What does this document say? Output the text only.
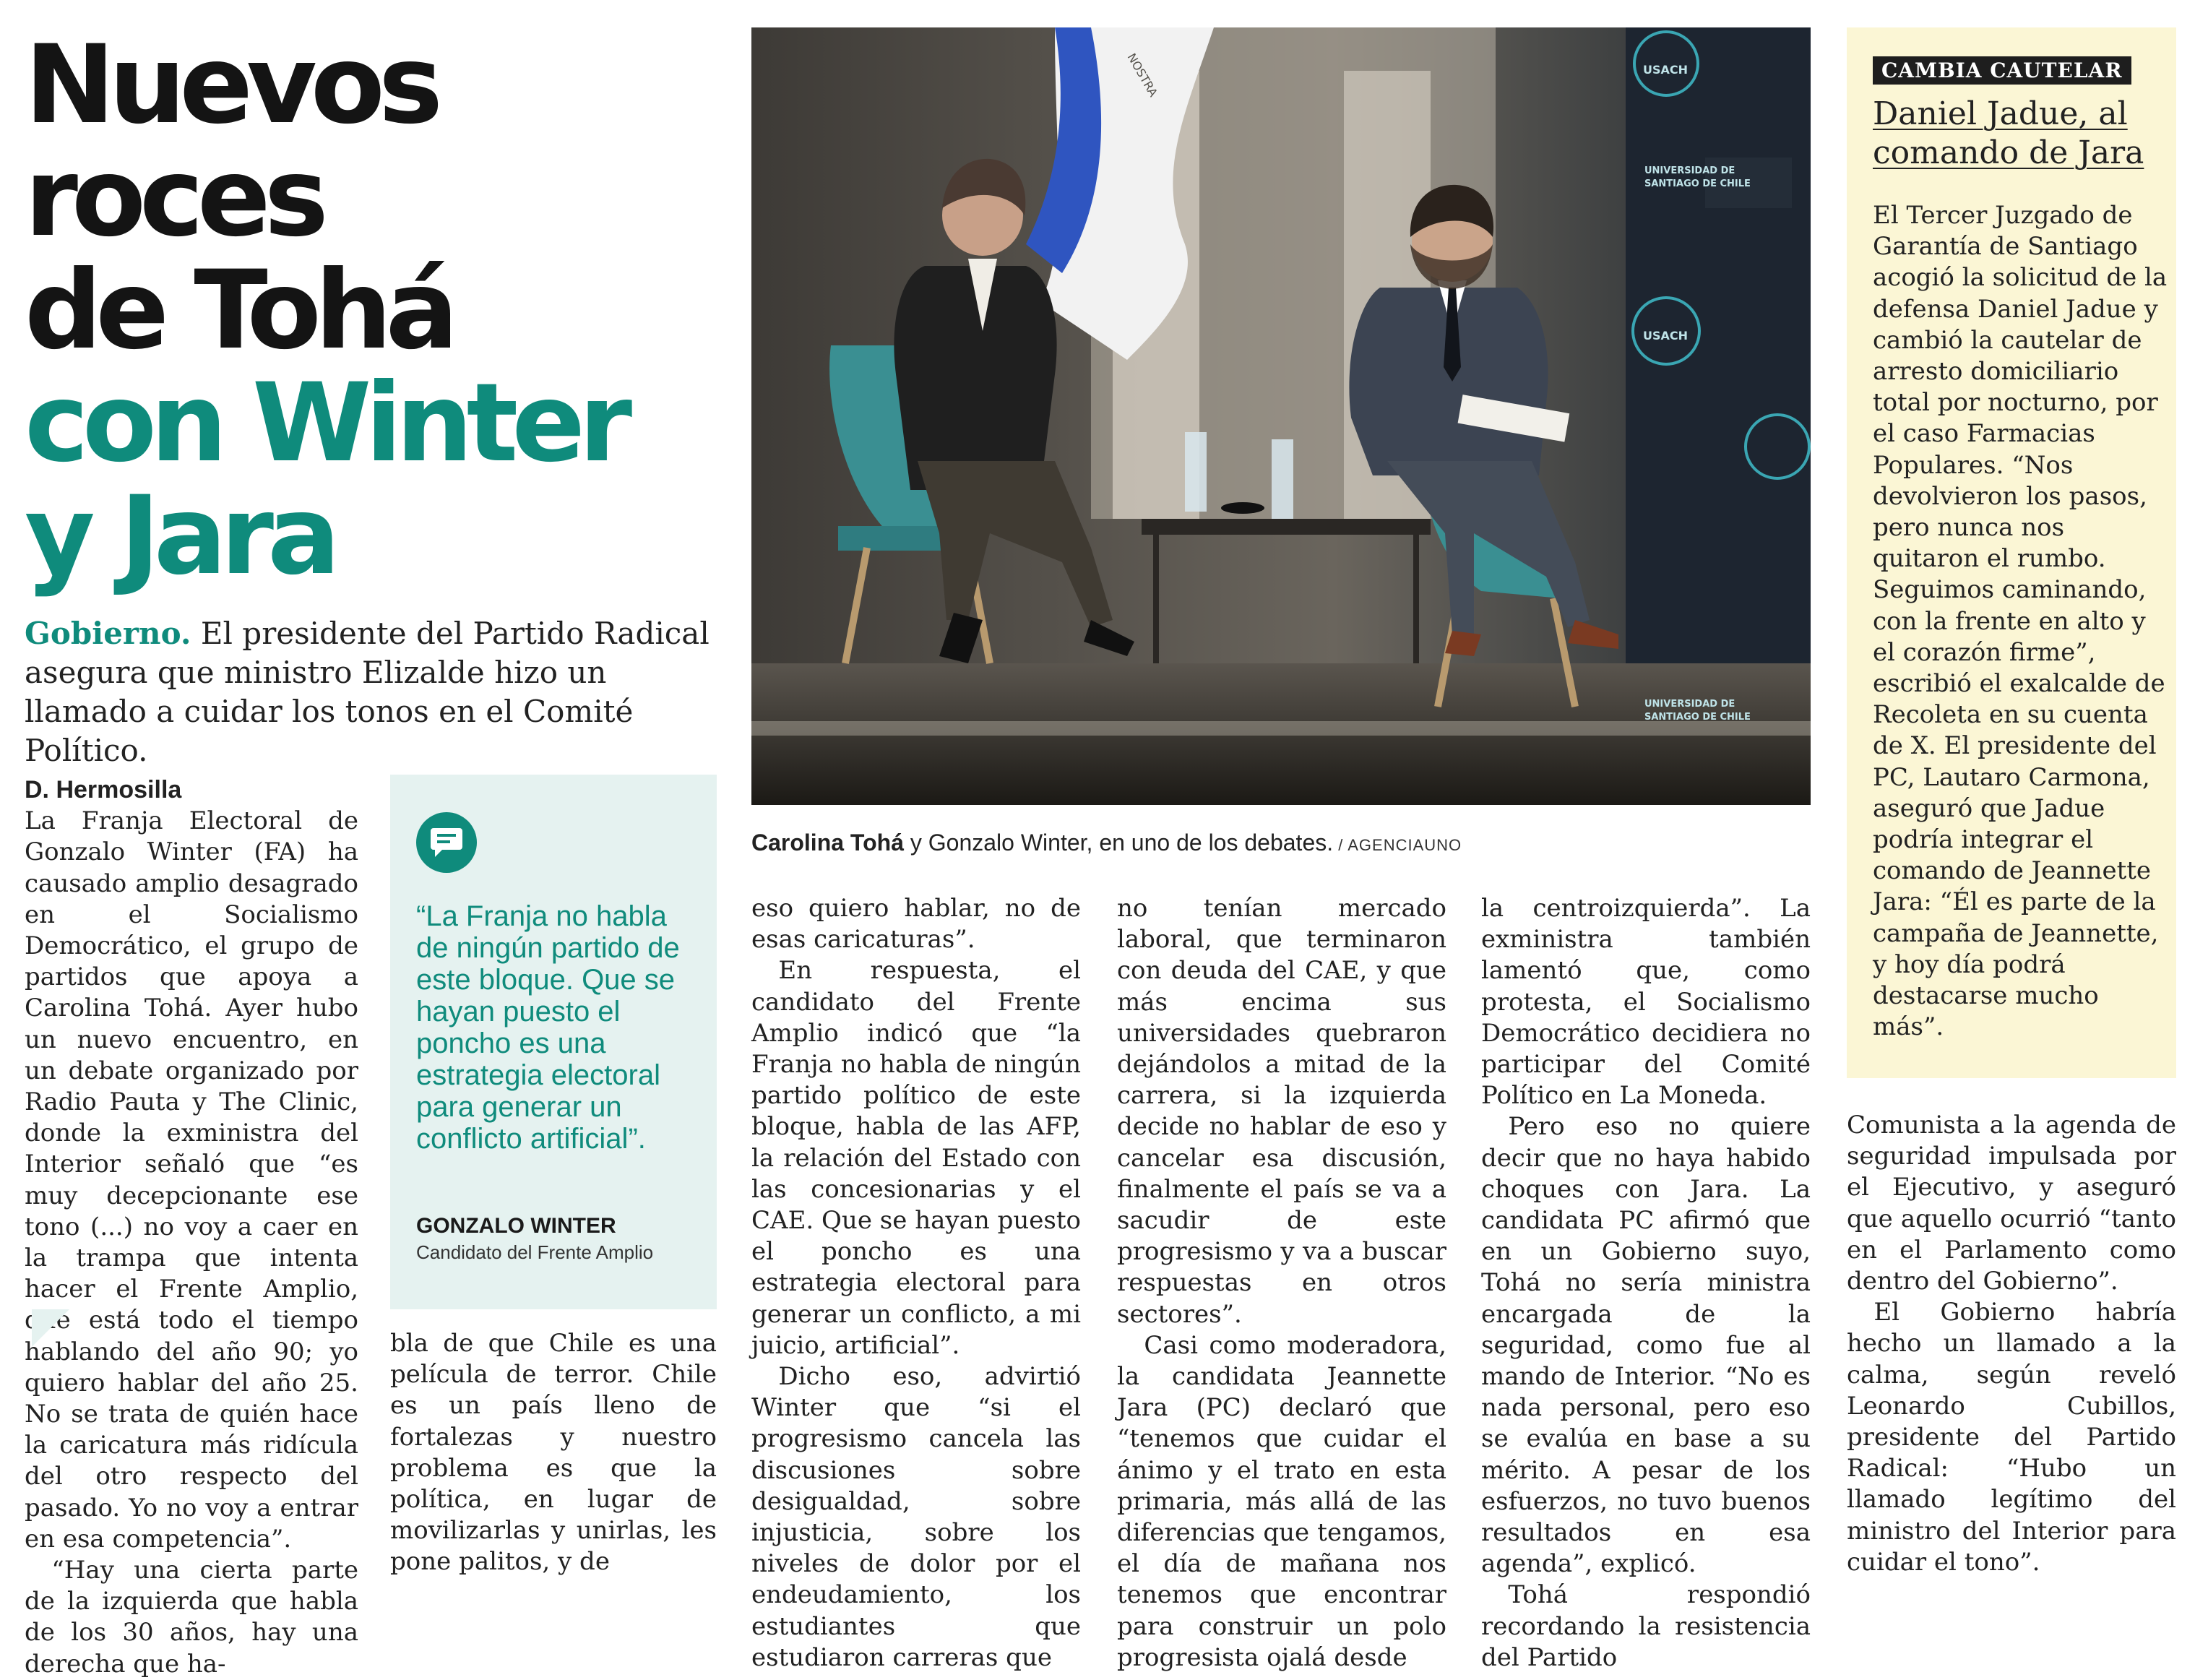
Nuevos
roces
de Tohá
con Winter
y Jara

Gobierno. El presidente del Partido Radical asegura que ministro Elizalde hizo un llamado a cuidar los tonos en el Comité Político.

D. Hermosilla

La Franja Electoral de Gonzalo Winter (FA) ha causado amplio desagrado en el Socialismo Democrático, el grupo de partidos que apoya a Carolina Tohá. Ayer hubo un nuevo encuentro, en un debate organizado por Radio Pauta y The Clinic, donde la exministra del Interior señaló que “es muy decepcionante ese tono (...) no voy a caer en la trampa que intenta hacer el Frente Amplio, que está todo el tiempo hablando del año 90; yo quiero hablar del año 25. No se trata de quién hace la caricatura más ridícula del otro respecto del pasado. Yo no voy a entrar en esa competencia”.

“Hay una cierta parte de la izquierda que habla de los 30 años, hay una derecha que ha-

“La Franja no habla de ningún partido de este bloque. Que se hayan puesto el poncho es una estrategia electoral para generar un conflicto artificial”.

GONZALO WINTER

Candidato del Frente Amplio

bla de que Chile es una película de terror. Chile es un país lleno de fortalezas y nuestro problema es que la política, en lugar de movilizarlas y unirlas, les pone palitos, y de

eso quiero hablar, no de esas caricaturas”.

En respuesta, el candidato del Frente Amplio indicó que “la Franja no habla de ningún partido político de este bloque, habla de las AFP, la relación del Estado con las concesionarias y el CAE. Que se hayan puesto el poncho es una estrategia electoral para generar un conflicto, a mi juicio, artificial”.

Dicho eso, advirtió Winter que “si el progresismo cancela las discusiones sobre desigualdad, sobre injusticia, sobre los niveles de dolor por el endeudamiento, los estudiantes que estudiaron carreras que

no tenían mercado laboral, que terminaron con deuda del CAE, y que más encima sus universidades quebraron dejándolos a mitad de la carrera, si la izquierda decide no hablar de eso y cancelar esa discusión, finalmente el país se va a sacudir de este progresismo y va a buscar respuestas en otros sectores”.

Casi como moderadora, la candidata Jeannette Jara (PC) declaró que “tenemos que cuidar el ánimo y el trato en esta primaria, más allá de las diferencias que tengamos, el día de mañana nos tenemos que encontrar para construir un polo progresista ojalá desde

la centroizquierda”. La exministra también lamentó que, como protesta, el Socialismo Democrático decidiera no participar del Comité Político en La Moneda.

Pero eso no quiere decir que no haya habido choques con Jara. La candidata PC afirmó que en un Gobierno suyo, Tohá no sería ministra encargada de la seguridad, como fue al mando de Interior. “No es nada personal, pero eso se evalúa en base a su mérito. A pesar de los esfuerzos, no tuvo buenos resultados en esa agenda”, explicó.

Tohá respondió recordando la resistencia del Partido

Comunista a la agenda de seguridad impulsada por el Ejecutivo, y aseguró que aquello ocurrió “tanto en el Parlamento como dentro del Gobierno”.

El Gobierno habría hecho un llamado a la calma, según reveló Leonardo Cubillos, presidente del Partido Radical: “Hubo un llamado legítimo del ministro del Interior para cuidar el tono”.

USACH
USACH
UNIVERSIDAD DE
SANTIAGO DE CHILE
UNIVERSIDAD DE
SANTIAGO DE CHILE
NOSTRA

Carolina Tohá y Gonzalo Winter, en uno de los debates. / AGENCIAUNO

CAMBIA CAUTELAR

Daniel Jadue, al comando de Jara

El Tercer Juzgado de Garantía de Santiago acogió la solicitud de la defensa Daniel Jadue y cambió la cautelar de arresto domiciliario total por nocturno, por el caso Farmacias Populares. “Nos devolvieron los pasos, pero nunca nos quitaron el rumbo. Seguimos caminando, con la frente en alto y el corazón firme”, escribió el exalcalde de Recoleta en su cuenta de X. El presidente del PC, Lautaro Carmona, aseguró que Jadue podría integrar el comando de Jeannette Jara: “Él es parte de la campaña de Jeannette, y hoy día podrá destacarse mucho más”.
